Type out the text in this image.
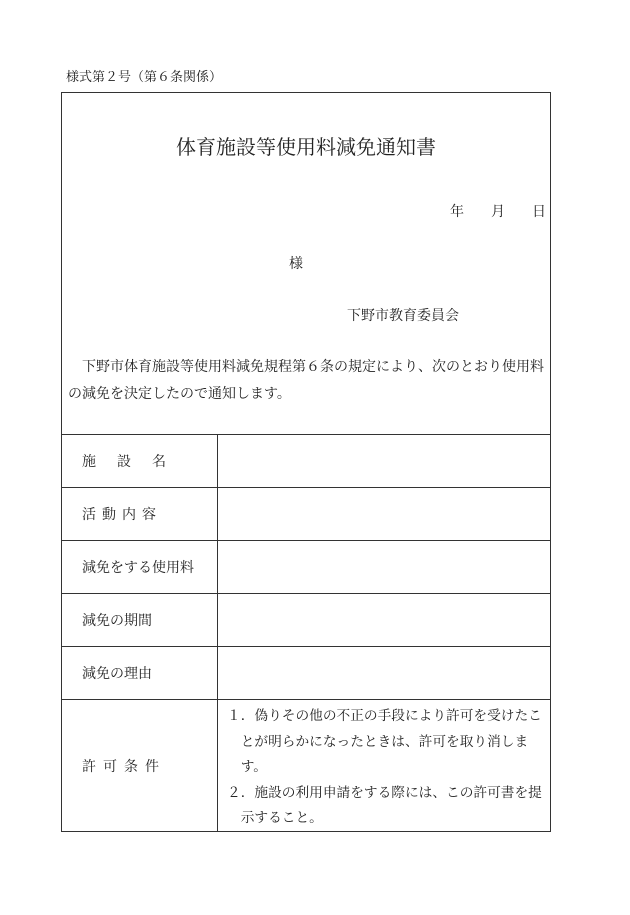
様式第２号（第６条関係）
体育施設等使用料減免通知書
年 月 日
様
下野市教育委員会
下野市体育施設等使用料減免規程第６条の規定により、次のとおり使用料
の減免を決定したので通知します。
施設名
活動内容
減免をする使用料
減免の期間
減免の理由
許可条件
１．偽りその他の不正の手段により許可を受けたこ
とが明らかになったときは、許可を取り消しま
す。
２．施設の利用申請をする際には、この許可書を提
示すること。
